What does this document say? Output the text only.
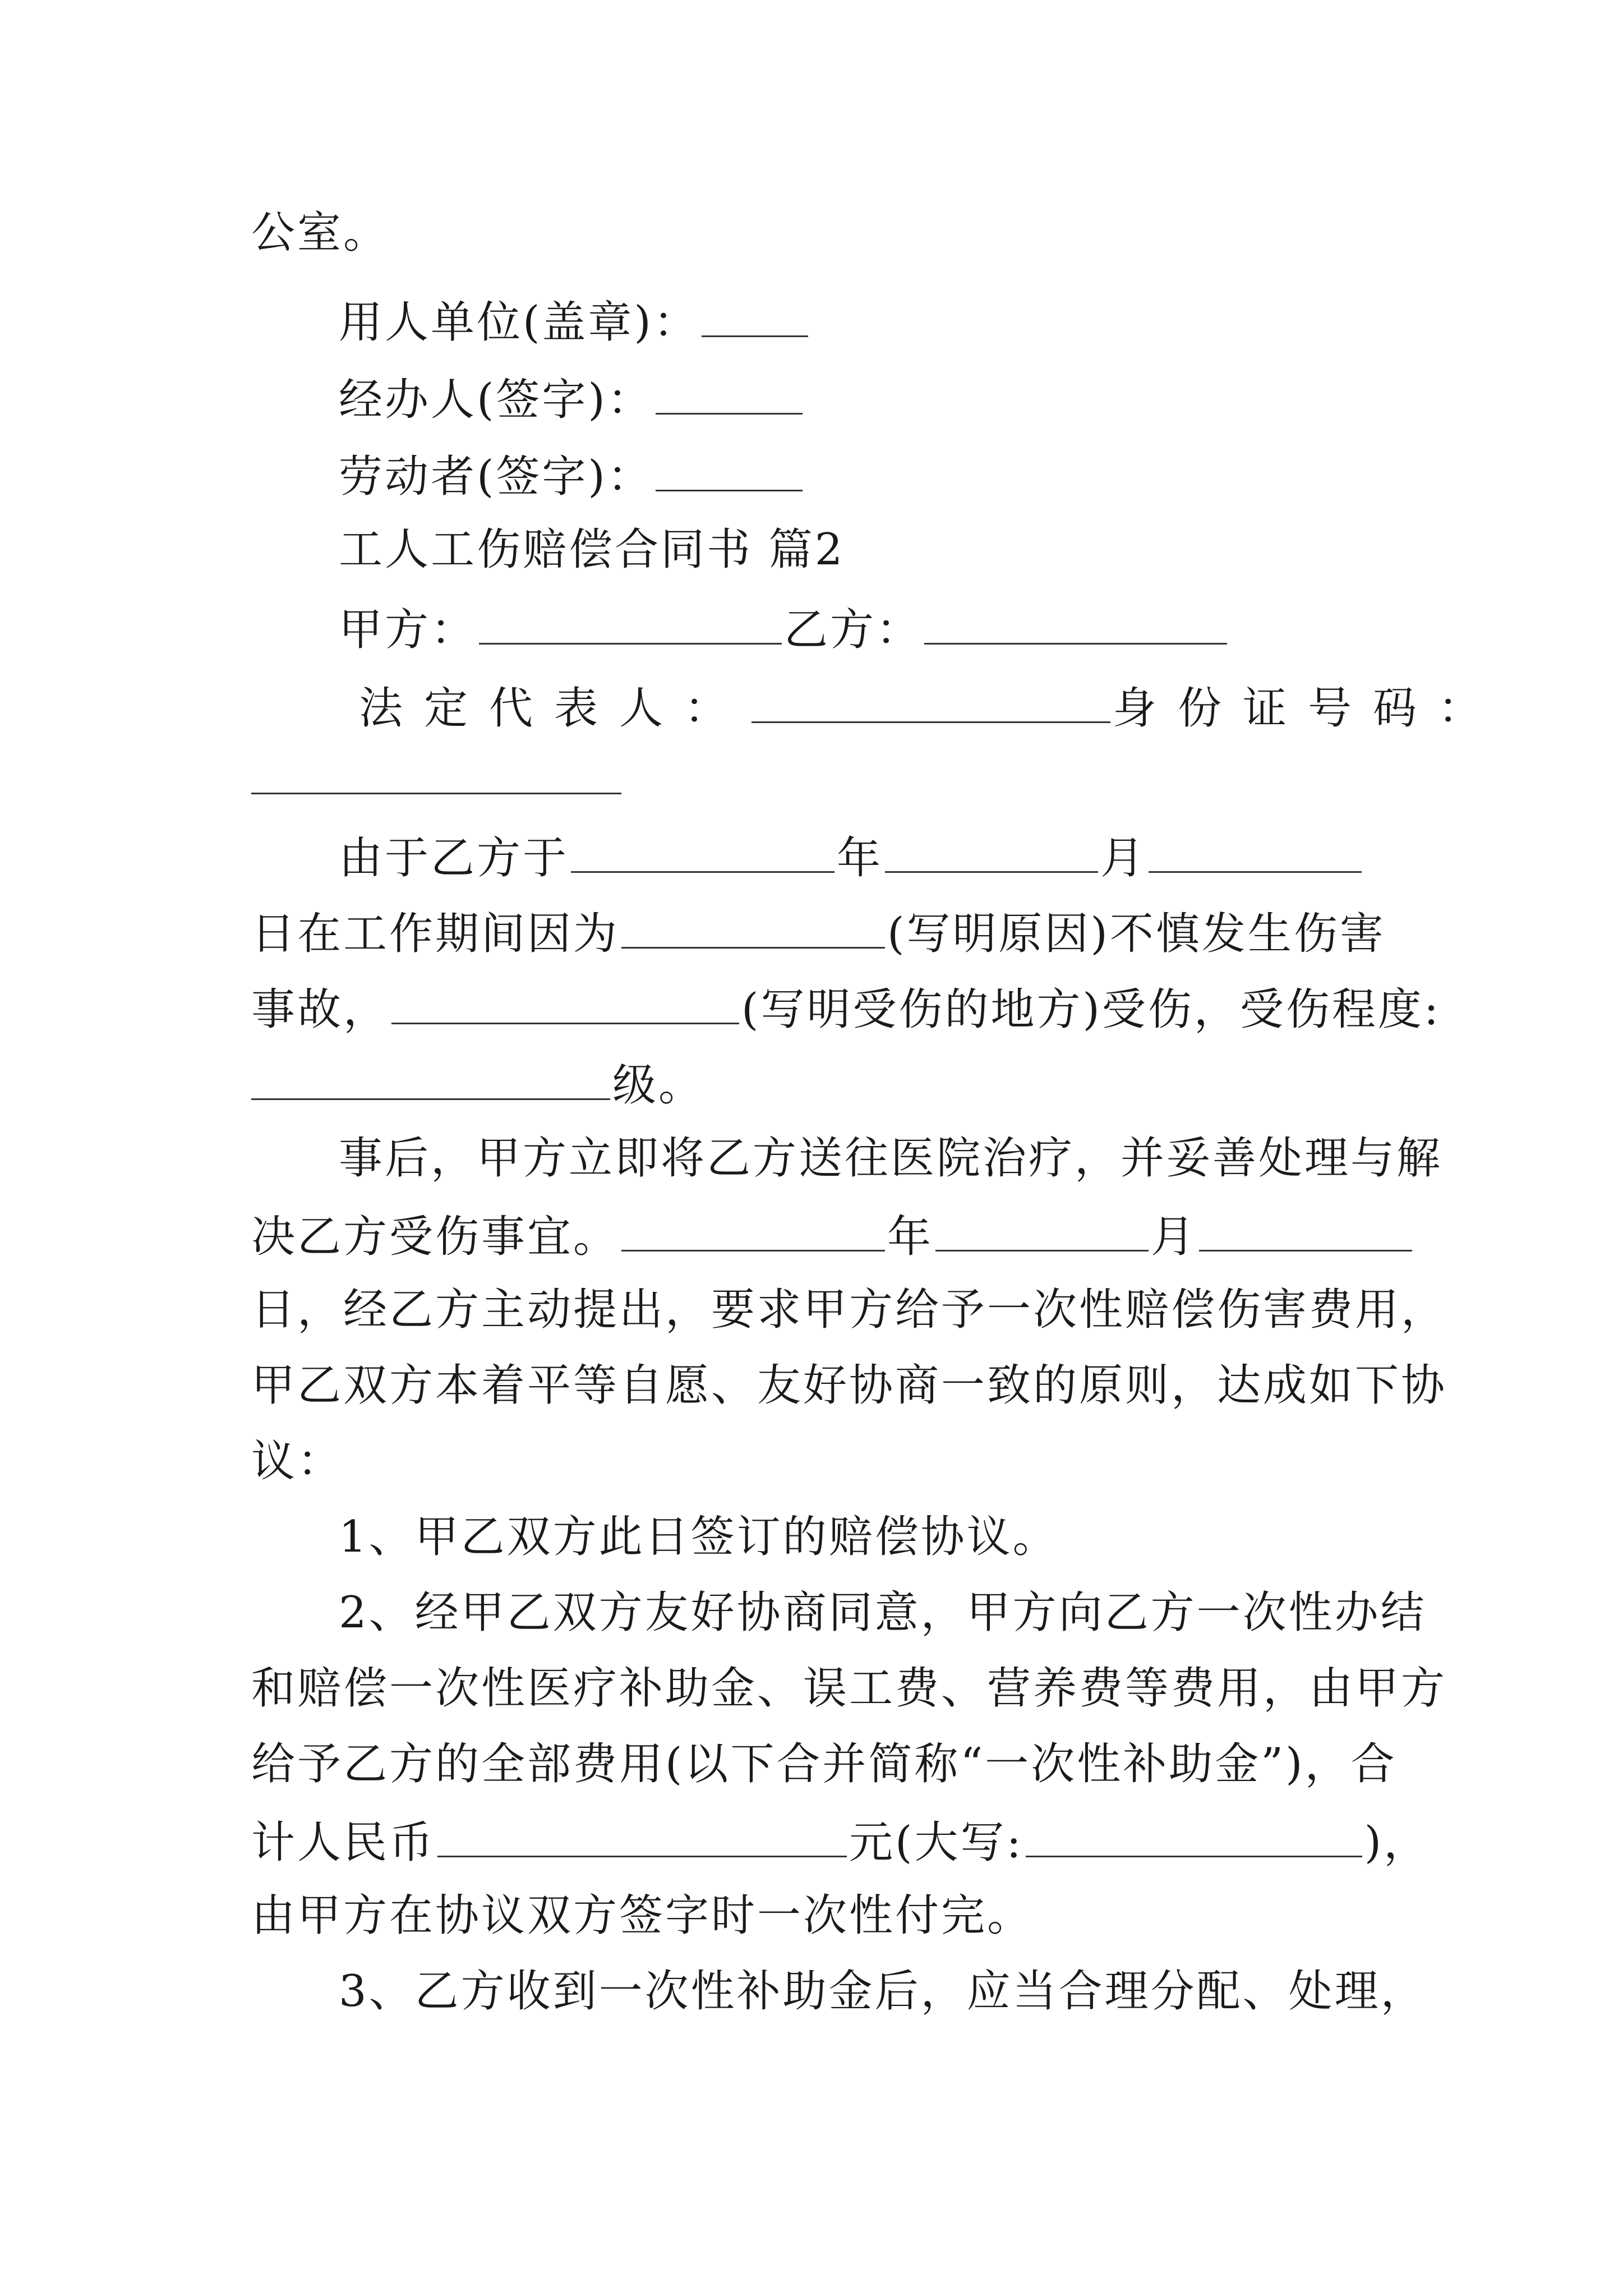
公室。
用人单位(盖章)：
经办人(签字)：
劳动者(签字)：
工人工伤赔偿合同书 篇2
甲方：	乙方：
法定代表人：	身份证号码：
由于乙方于	年	月
日在工作期间因为	(写明原因)不慎发生伤害
事故，	(写明受伤的地方)受伤，受伤程度:
级。
事后，甲方立即将乙方送往医院治疗，并妥善处理与解
决乙方受伤事宜。	年	月
日，经乙方主动提出，要求甲方给予一次性赔偿伤害费用，
甲乙双方本着平等自愿、友好协商一致的原则，达成如下协
议：
1、甲乙双方此日签订的赔偿协议。
2、经甲乙双方友好协商同意，甲方向乙方一次性办结
和赔偿一次性医疗补助金、误工费、营养费等费用，由甲方
给予乙方的全部费用(以下合并简称“一次性补助金”)，合
计人民币	元(大写:	)，
由甲方在协议双方签字时一次性付完。
3、乙方收到一次性补助金后，应当合理分配、处理，
